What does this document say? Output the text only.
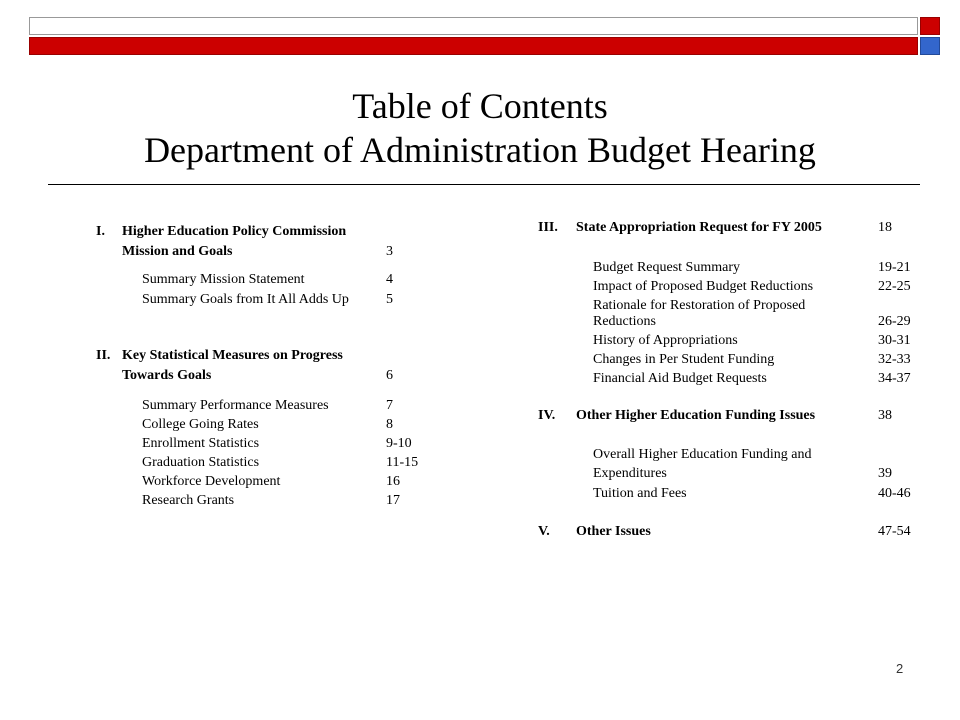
Table of Contents
Department of Administration Budget Hearing
I. Higher Education Policy Commission
Mission and Goals	3
Summary Mission Statement	4
Summary Goals from It All Adds Up	5
II. Key Statistical Measures on Progress
Towards Goals	6
Summary Performance Measures	7
College Going Rates	8
Enrollment Statistics	9-10
Graduation Statistics	11-15
Workforce Development	16
Research Grants	17
III. State Appropriation Request for FY 2005	18
Budget Request Summary	19-21
Impact of Proposed Budget Reductions	22-25
Rationale for Restoration of Proposed
Reductions	26-29
History of Appropriations	30-31
Changes in Per Student Funding	32-33
Financial Aid Budget Requests	34-37
IV. Other Higher Education Funding Issues	38
Overall Higher Education Funding and
Expenditures	39
Tuition and Fees	40-46
V. Other Issues	47-54
2
